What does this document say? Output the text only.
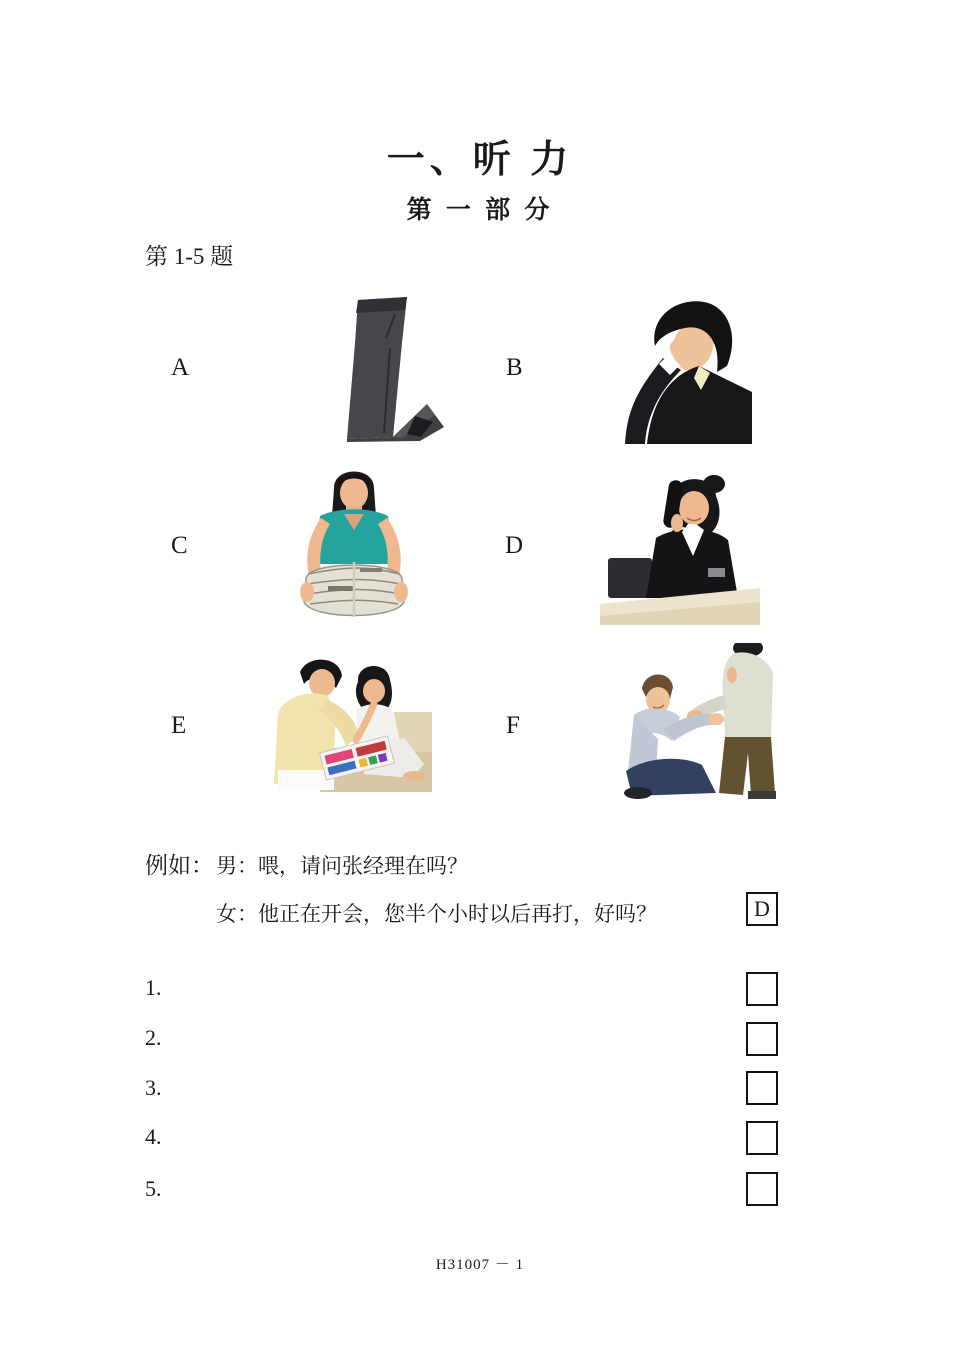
一、听 力
第 一 部 分
第 1-5 题
A	B
C	D
E	F
例如： 男：喂，请问张经理在吗？
女：他正在开会，您半个小时以后再打，好吗？	D
1.
2.
3.
4.
5.
H31007 － 1
